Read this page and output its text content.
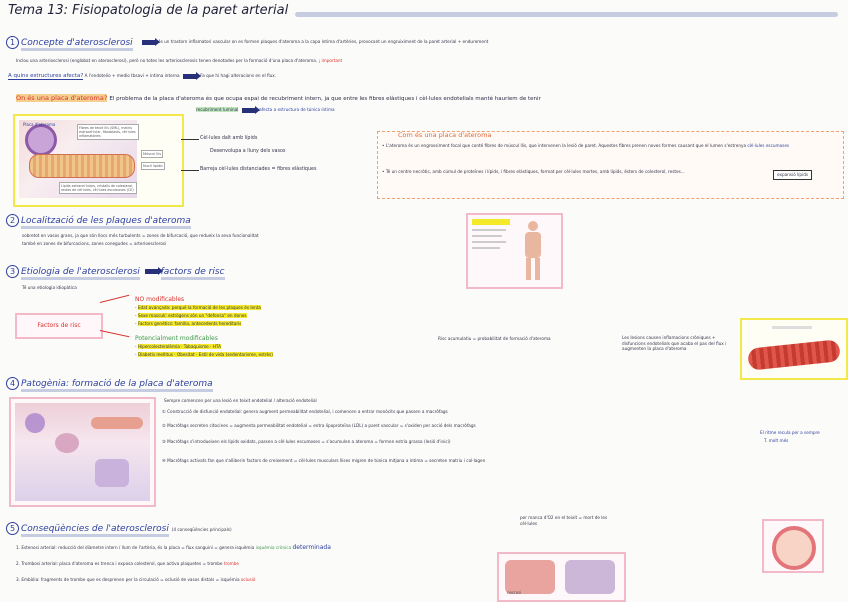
Tema 13: Fisiopatologia de la paret arterial
1 Concepte d'aterosclerosi	és un trastorn inflamatori vascular on es formen plaques d'ateroma a la capa íntima d'artèries, provocant un engruiximent de la paret arterial + endurement
Inclou una arteriosclerosi (englobat en aterosclerosi), però no totes les arteriosclerosis tenen denotades per la formació d'una placa d'ateroma. ¡ important
A quins estructures afecta? A l'endotelio + medio tbsavi + íntima interna	Fa que hi hagi alteracions en el flux.
On és una placa d'ateroma? El problema de la placa d'ateroma és que ocupa espai de recubriment intern, ja que entre les fibres elàstiques i cèl·lules endotelials manté hauriem de tenir
recubriment luminal	afecta a estructura de túnica íntima
Placa d'ateroma
Lípids extracel·lulars, cristalls de colesterol, restes de cèl·lules, cèl·lules escumoses (CE)
Fibres de teixit llis (SML), matriu extracel·lular, fibroblasts, cèl·lules inflamatòries
Múscul llis
Nucli lipídic
Cèl·lules dalt amb lípids
Desenvolupa a lluny dels vasos
Barreja cèl·lules distanciades = fibres elàstiques
Com és una placa d'ateroma
• L'ateroma és un engrossiment focal que conté fibres de múscul llis, que intervenen la lesió de paret. Aquestes fibres prenen noves formes causant que el lumen s'estrenya cèl·lules escumoses
• Té un centre necròtic, amb cúmul de proteïnes i lípids, i fibres elàstiques, format per cèl·lules mortes, amb lípids, ésters de colesterol, restes...
expansió lípids
2 Localització de les plaques d'ateroma
sobretot en vasos grans, ja que són llocs més turbulents = zones de bifurcació, que redueix la seva funcionalitat
també en zones de bifurcacions, zones conegudes = arterioesclerosi
3 Etiologia de l'aterosclerosi factors de risc
Té una etiologia idiopàtica
Factors de risc
NO modificables
- Edat avançada: perquè la formació de les plaques és lenta
- Sexe masculí: estrògens són un "defensa" en dones
- Factors genètics: família, antecedents hereditaris
Potencialment modificables
- Hipercolesterolèmia · Tabaquisme · HTA
- Diabetis mellitus · Obesitat · Estil de vida (sedentarisme, estrès)
Risc acumulatiu = probabilitat de formació d'ateroma	Les lesions causen inflamacions cròniques + disfuncions endotelials que acaba el pas del flux i augmenten la placa d'ateroma
4 Patogènia: formació de la placa d'ateroma
Sempre comencen per una lesió en teixit endotelial / alteració endotelial
① Construcció de disfunció endotelial: genera augment permeabilitat endotelial, i comencen a entrar monòcits que passen a macròfags
② Macròfags secreten citocines = augmenta permeabilitat endotelial = entra lipoproteïna (LDL) a paret vascular = s'oxiden per acció dels macròfags
③ Macròfags s'introdueixen els lípids oxidats, passen a cèl·lules escumoses = s'acumulen a ateroma = formen estria grassa (lesió d'inici)
④ Macròfags activats fan que s'alliberin factors de creixement = cèl·lules musculars llises migren de túnica mitjana a íntima = secreten matriu i col·lagen
El ritme recula per a sempre
T. molt més
5 Conseqüències de l'aterosclerosi (4 conseqüències principals)
per manca d'O2 en el teixit = mort de les cèl·lules
1. Estenosi arterial: reducció del diàmetre intern / llum de l'artèria, és la placa = flux sanguini = genera isquèmia isquèmia crònica determinada
2. Trombosi arterial: placa d'ateroma es trenca i exposa colesterol, que activa plaquetes = trombe trombe
3. Embòlia: fragments de trombe que es desprenen per la circulació = oclusió de vasos distals = isquèmia oclusió
necrosi
